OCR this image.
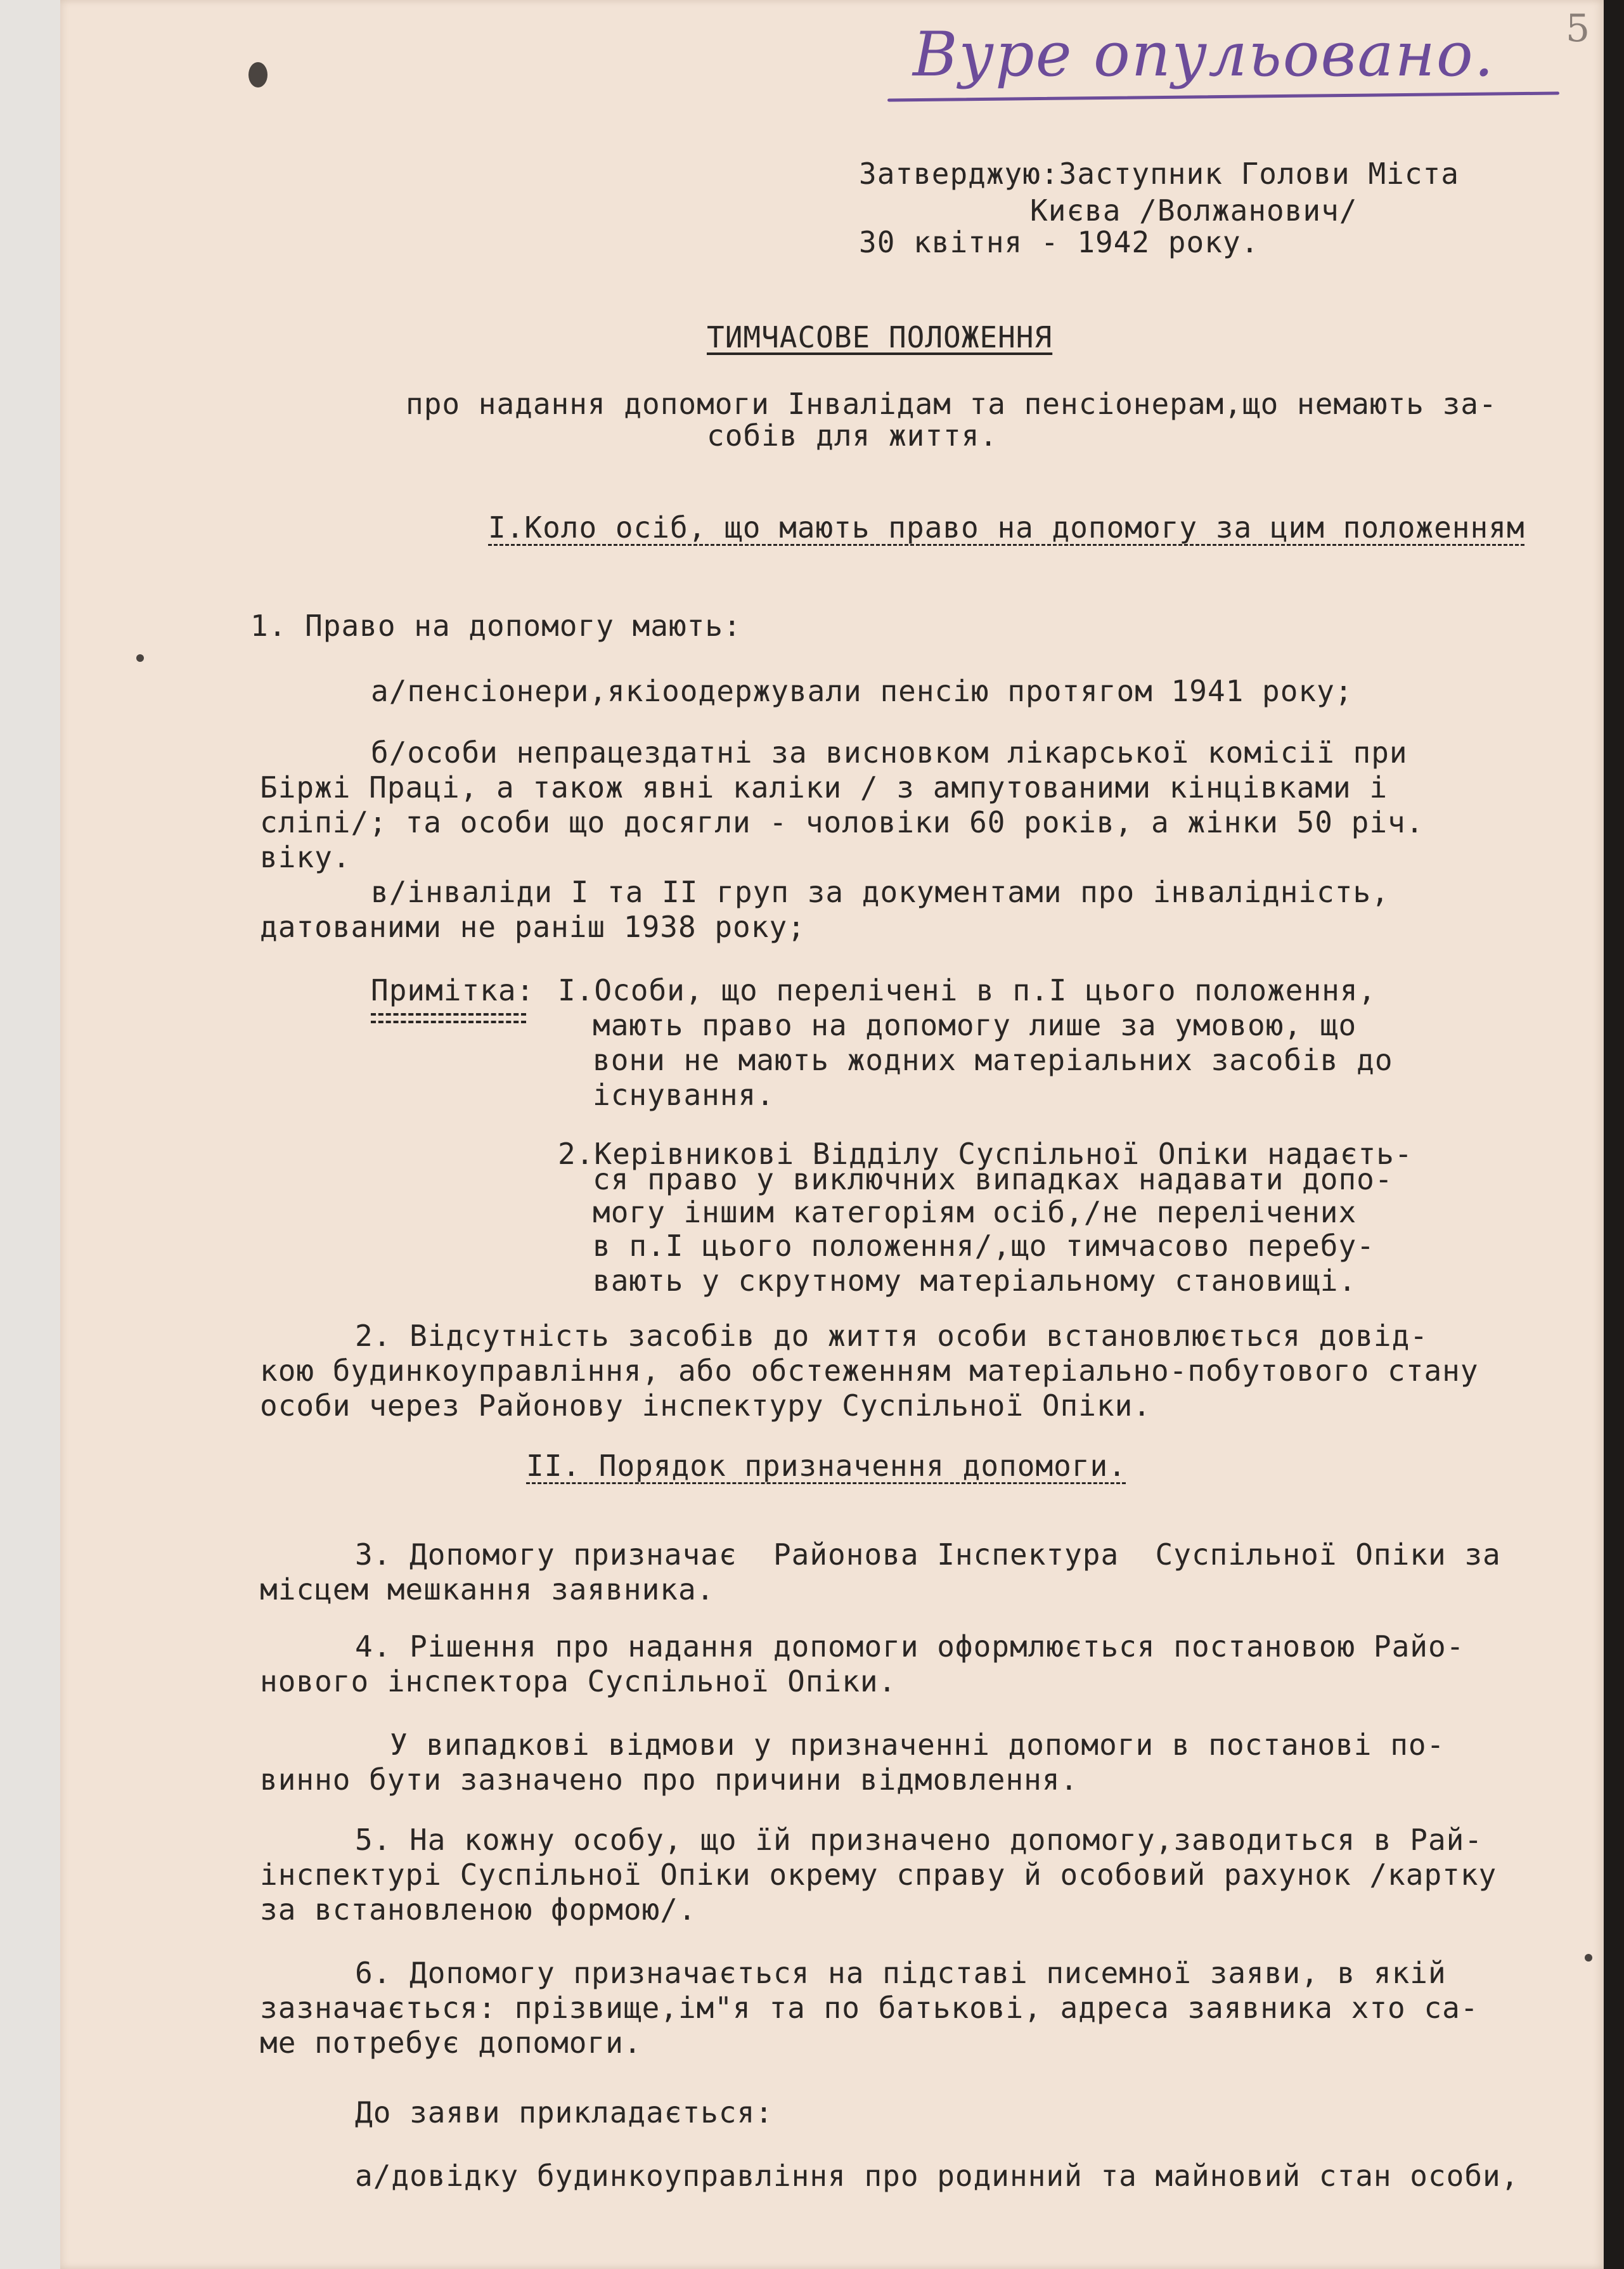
Вуре опульовано. 5
Затверджую:Заступник Голови Міста
Києва /Волжанович/
30 квітня - 1942 року.
ТИМЧАСОВЕ ПОЛОЖЕННЯ
про надання допомоги Інвалідам та пенсіонерам,що немають за-
собів для життя.
I.Коло осіб, що мають право на допомогу за цим положенням
1. Право на допомогу мають:
а/пенсіонери,якіоодержували пенсію протягом 1941 року;
б/особи непрацездатні за висновком лікарської комісії при
Біржі Праці, а також явні каліки / з ампутованими кінцівками і
сліпі/; та особи що досягли - чоловіки 60 років, а жінки 50 річ.
віку.
в/інваліди I та II груп за документами про інвалідність,
датованими не раніш 1938 року;
Примітка: I.Особи, що перелічені в п.I цього положення,
мають право на допомогу лише за умовою, що
вони не мають жодних матеріальних засобів до
існування.
2.Керівникові Відділу Суспільної Опіки надаєть-
ся право у виключних випадках надавати допо-
могу іншим категоріям осіб,/не перелічених
в п.I цього положення/,що тимчасово перебу-
вають у скрутному матеріальному становищі.
2. Відсутність засобів до життя особи встановлюється довід-
кою будинкоуправління, або обстеженням матеріально-побутового стану
особи через Районову інспектуру Суспільної Опіки.
II. Порядок призначення допомоги.
3. Допомогу призначає  Районова Інспектура  Суспільної Опіки за
місцем мешкання заявника.
4. Рішення про надання допомоги оформлюється постановою Райо-
нового інспектора Суспільної Опіки.
У випадкові відмови у призначенні допомоги в постанові по-
винно бути зазначено про причини відмовлення.
5. На кожну особу, що їй призначено допомогу,заводиться в Рай-
інспектурі Суспільної Опіки окрему справу й особовий рахунок /картку
за встановленою формою/.
6. Допомогу призначається на підставі писемної заяви, в якій
зазначається: прізвище,ім"я та по батькові, адреса заявника хто са-
ме потребує допомоги.
До заяви прикладається:
а/довідку будинкоуправління про родинний та майновий стан особи,
